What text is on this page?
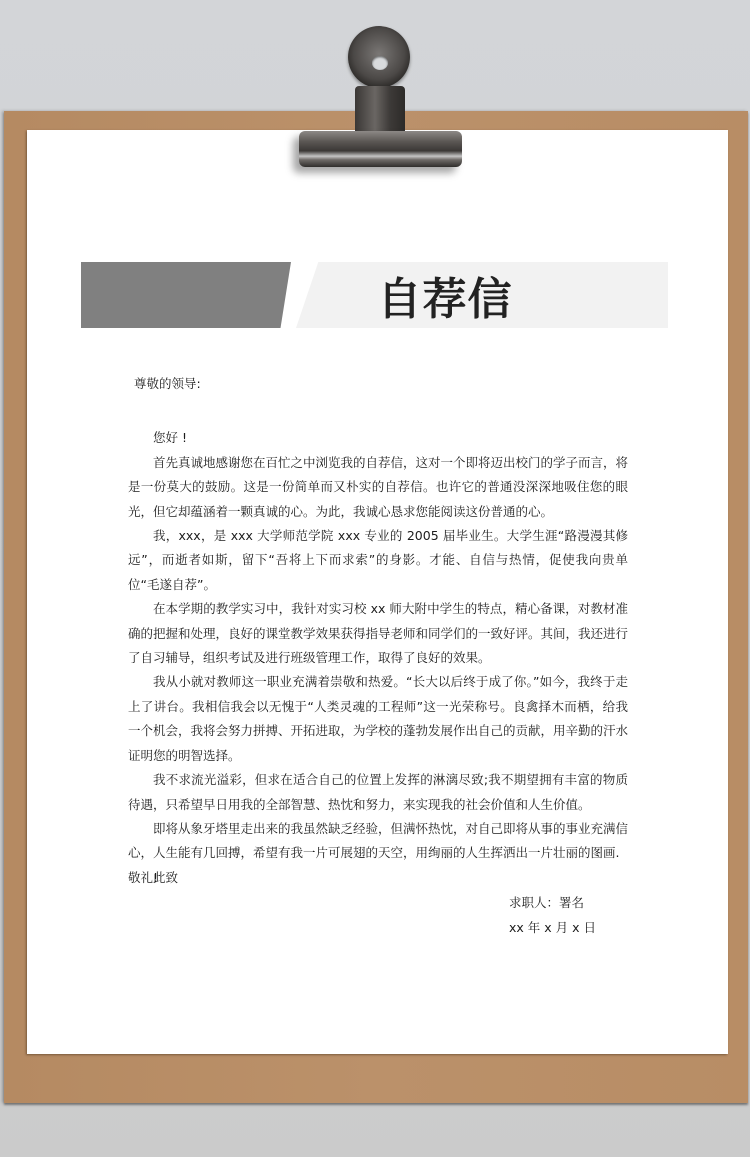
自荐信
尊敬的领导:

您好 !

首先真诚地感谢您在百忙之中浏览我的自荐信，这对一个即将迈出校门的学子而言，将是一份莫大的鼓励。这是一份简单而又朴实的自荐信。也许它的普通没深深地吸住您的眼光，但它却蕴涵着一颗真诚的心。为此，我诚心恳求您能阅读这份普通的心。

我，xxx，是 xxx 大学师范学院 xxx 专业的 2005 届毕业生。大学生涯“路漫漫其修远”，而逝者如斯，留下“吾将上下而求索”的身影。才能、自信与热情，促使我向贵单位“毛遂自荐”。

在本学期的教学实习中，我针对实习校 xx 师大附中学生的特点，精心备课，对教材准确的把握和处理，良好的课堂教学效果获得指导老师和同学们的一致好评。其间，我还进行了自习辅导，组织考试及进行班级管理工作，取得了良好的效果。

我从小就对教师这一职业充满着崇敬和热爱。“长大以后终于成了你。”如今，我终于走上了讲台。我相信我会以无愧于“人类灵魂的工程师”这一光荣称号。良禽择木而栖，给我一个机会，我将会努力拼搏、开拓进取，为学校的蓬勃发展作出自己的贡献，用辛勤的汗水证明您的明智选择。

我不求流光溢彩，但求在适合自己的位置上发挥的淋漓尽致;我不期望拥有丰富的物质待遇，只希望早日用我的全部智慧、热忱和努力，来实现我的社会价值和人生价值。

即将从象牙塔里走出来的我虽然缺乏经验，但满怀热忱，对自己即将从事的事业充满信心，人生能有几回搏，希望有我一片可展翅的天空，用绚丽的人生挥洒出一片壮丽的图画.

此致

敬礼!
求职人：署名
xx 年 x 月 x 日
